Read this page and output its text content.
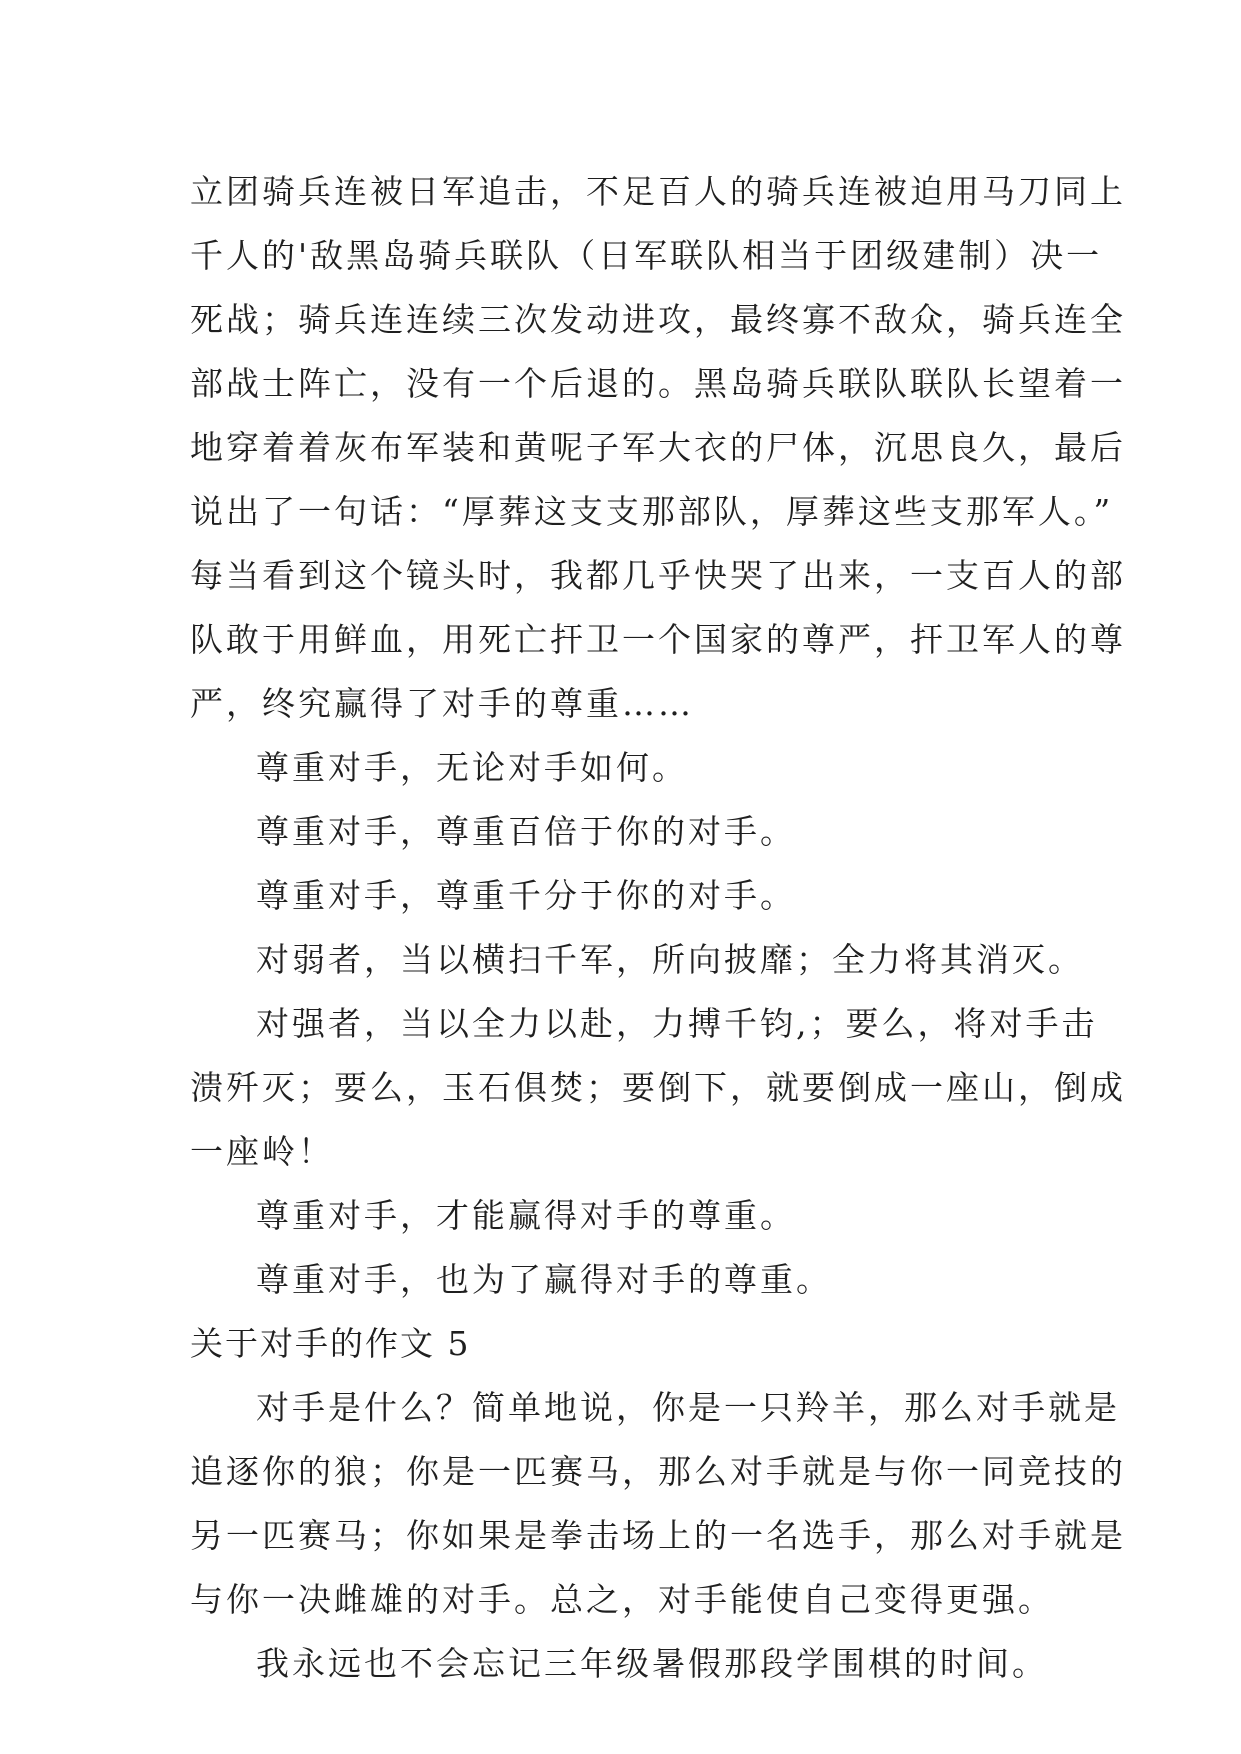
立团骑兵连被日军追击，不足百人的骑兵连被迫用马刀同上
千人的'敌黑岛骑兵联队（日军联队相当于团级建制）决一
死战；骑兵连连续三次发动进攻，最终寡不敌众，骑兵连全
部战士阵亡，没有一个后退的。黑岛骑兵联队联队长望着一
地穿着着灰布军装和黄呢子军大衣的尸体，沉思良久，最后
说出了一句话：“厚葬这支支那部队，厚葬这些支那军人。”
每当看到这个镜头时，我都几乎快哭了出来，一支百人的部
队敢于用鲜血，用死亡扞卫一个国家的尊严，扞卫军人的尊
严，终究赢得了对手的尊重……
尊重对手，无论对手如何。
尊重对手，尊重百倍于你的对手。
尊重对手，尊重千分于你的对手。
对弱者，当以横扫千军，所向披靡；全力将其消灭。
对强者，当以全力以赴，力搏千钧,；要么，将对手击
溃歼灭；要么，玉石俱焚；要倒下，就要倒成一座山，倒成
一座岭！
尊重对手，才能赢得对手的尊重。
尊重对手，也为了赢得对手的尊重。
关于对手的作文 5
对手是什么？简单地说，你是一只羚羊，那么对手就是
追逐你的狼；你是一匹赛马，那么对手就是与你一同竞技的
另一匹赛马；你如果是拳击场上的一名选手，那么对手就是
与你一决雌雄的对手。总之，对手能使自己变得更强。
我永远也不会忘记三年级暑假那段学围棋的时间。
